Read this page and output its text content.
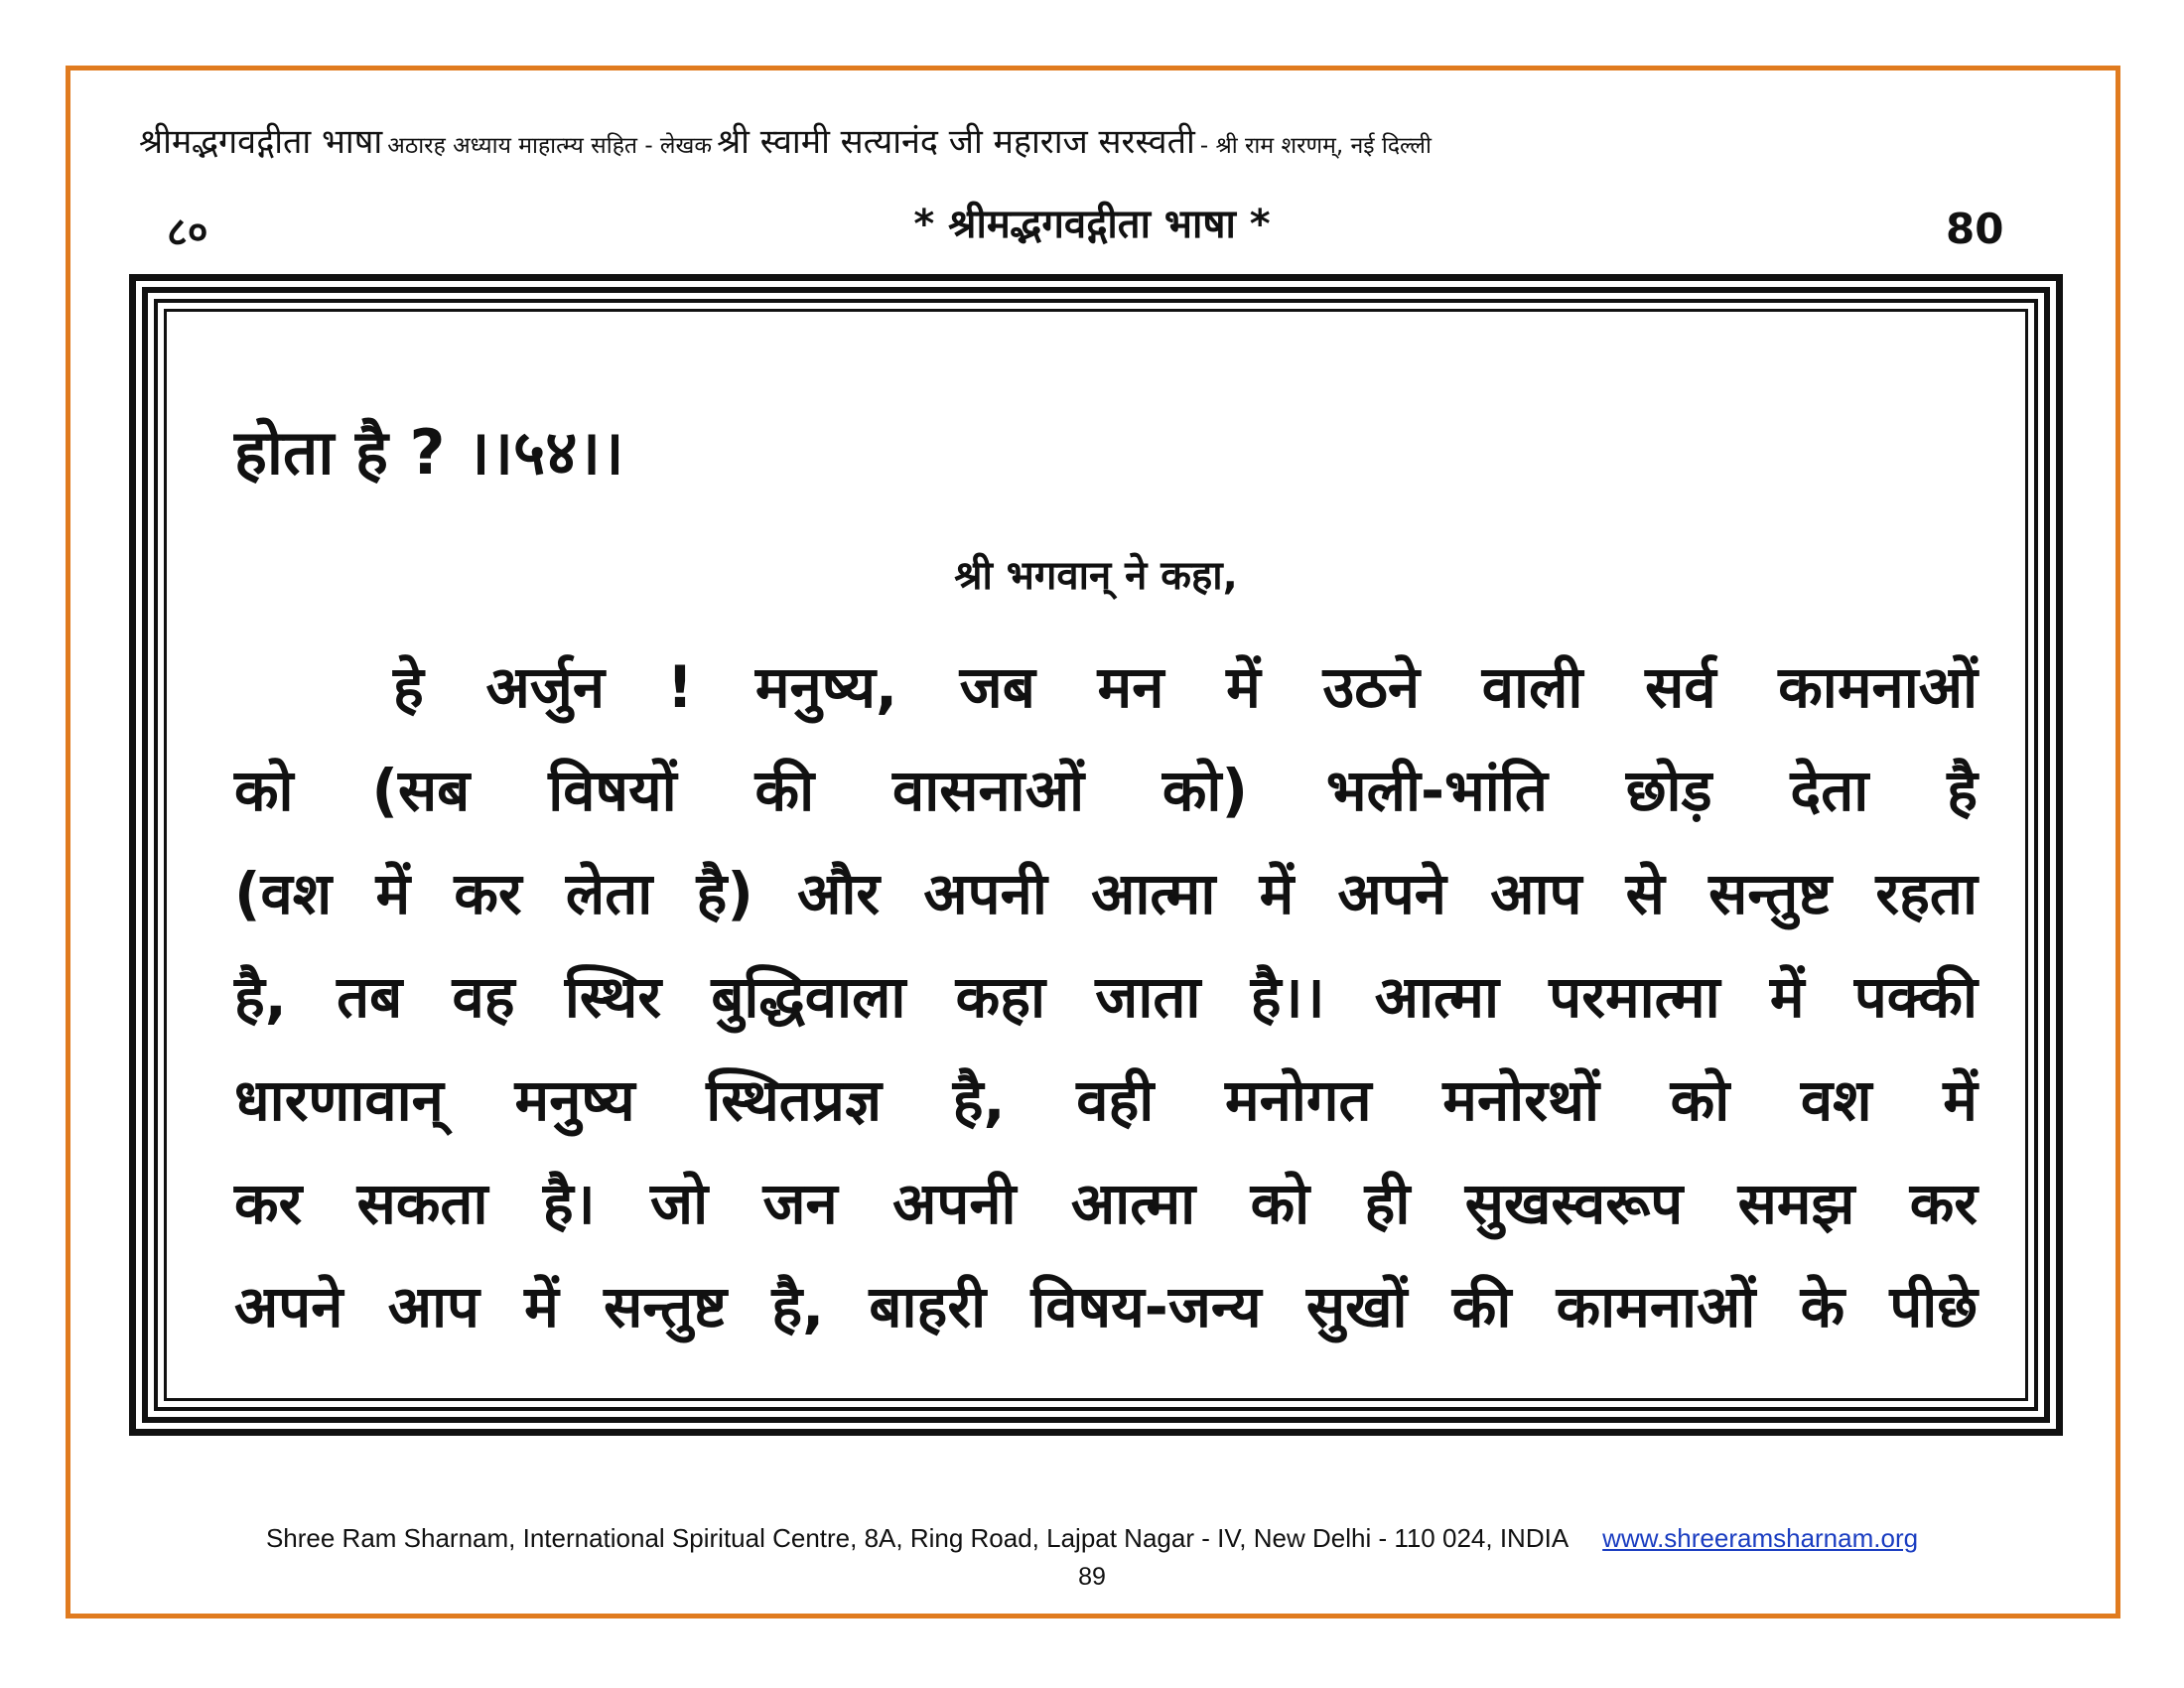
श्रीमद्भगवद्गीता भाषा अठारह अध्याय माहात्म्य सहित - लेखक श्री स्वामी सत्यानंद जी महाराज सरस्वती - श्री राम शरणम्, नई दिल्ली
८०	* श्रीमद्भगवद्गीता भाषा *	80
होता है ? ।।५४।।
श्री भगवान् ने कहा,
हे अर्जुन ! मनुष्य, जब मन में उठने वाली सर्व कामनाओं
को (सब विषयों की वासनाओं को) भली-भांति छोड़ देता है
(वश में कर लेता है) और अपनी आत्मा में अपने आप से सन्तुष्ट रहता
है, तब वह स्थिर बुद्धिवाला कहा जाता है।। आत्मा परमात्मा में पक्की
धारणावान् मनुष्य स्थितप्रज्ञ है, वही मनोगत मनोरथों को वश में
कर सकता है। जो जन अपनी आत्मा को ही सुखस्वरूप समझ कर
अपने आप में सन्तुष्ट है, बाहरी विषय-जन्य सुखों की कामनाओं के पीछे
Shree Ram Sharnam, International Spiritual Centre, 8A, Ring Road, Lajpat Nagar - IV, New Delhi - 110 024, INDIA www.shreeramsharnam.org
89
